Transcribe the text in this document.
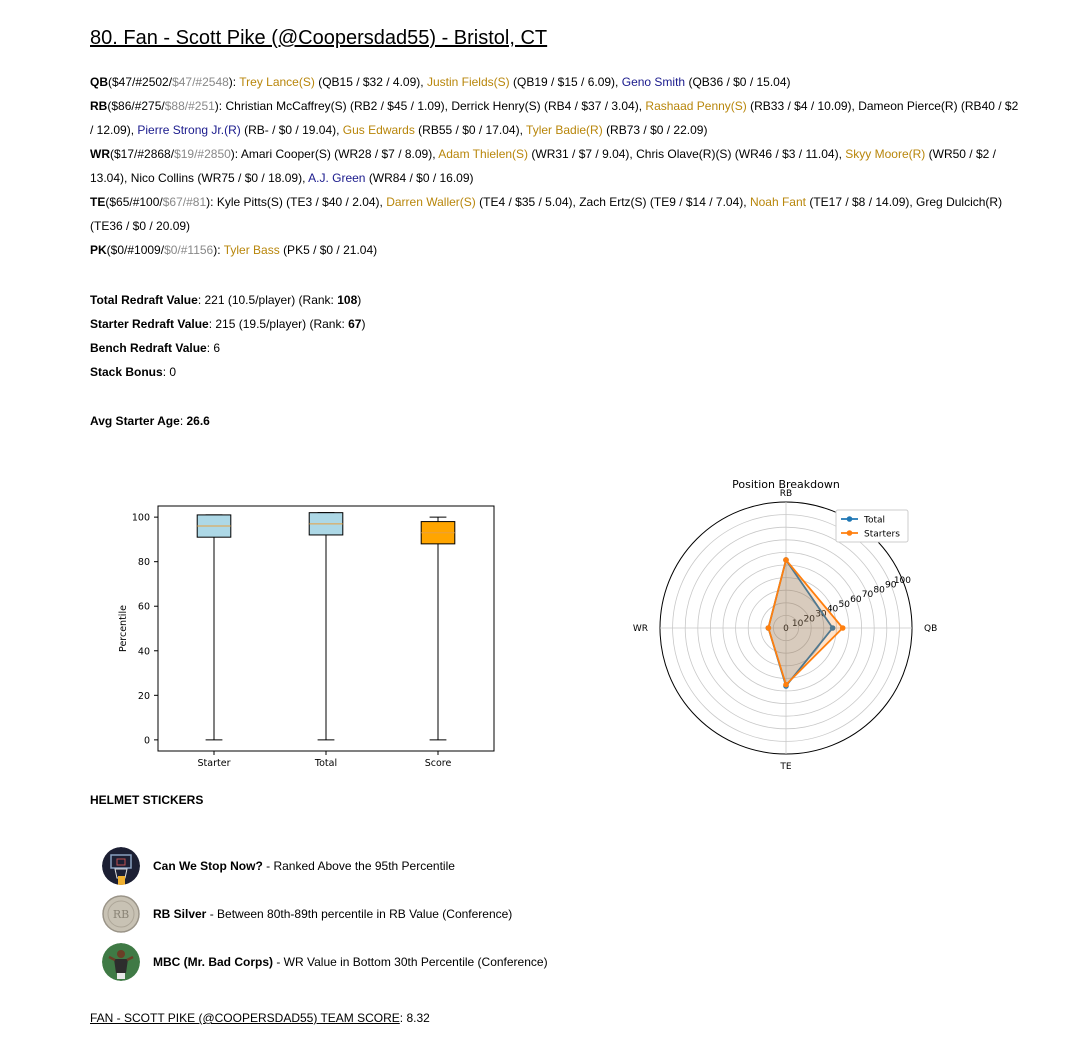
80. Fan - Scott Pike (@Coopersdad55) - Bristol, CT

QB($47/#2502/$47/#2548): Trey Lance(S) (QB15 / $32 / 4.09), Justin Fields(S) (QB19 / $15 / 6.09), Geno Smith (QB36 / $0 / 15.04)

RB($86/#275/$88/#251): Christian McCaffrey(S) (RB2 / $45 / 1.09), Derrick Henry(S) (RB4 / $37 / 3.04), Rashaad Penny(S) (RB33 / $4 / 10.09), Dameon Pierce(R) (RB40 / $2 / 12.09), Pierre Strong Jr.(R) (RB- / $0 / 19.04), Gus Edwards (RB55 / $0 / 17.04), Tyler Badie(R) (RB73 / $0 / 22.09)

WR($17/#2868/$19/#2850): Amari Cooper(S) (WR28 / $7 / 8.09), Adam Thielen(S) (WR31 / $7 / 9.04), Chris Olave(R)(S) (WR46 / $3 / 11.04), Skyy Moore(R) (WR50 / $2 / 13.04), Nico Collins (WR75 / $0 / 18.09), A.J. Green (WR84 / $0 / 16.09)

TE($65/#100/$67/#81): Kyle Pitts(S) (TE3 / $40 / 2.04), Darren Waller(S) (TE4 / $35 / 5.04), Zach Ertz(S) (TE9 / $14 / 7.04), Noah Fant (TE17 / $8 / 14.09), Greg Dulcich(R) (TE36 / $0 / 20.09)

PK($0/#1009/$0/#1156): Tyler Bass (PK5 / $0 / 21.04)

Total Redraft Value: 221 (10.5/player) (Rank: 108)

Starter Redraft Value: 215 (19.5/player) (Rank: 67)

Bench Redraft Value: 6

Stack Bonus: 0

Avg Starter Age: 26.6

0
20
40
60
80
100
Percentile
Starter	Total	Score
Position Breakdown
0 10 20 30 40 50 60 70 80 90
100
QB
RB
WR
TE
Total
Starters
HELMET STICKERS
Can We Stop Now? - Ranked Above the 95th Percentile
RB RB Silver - Between 80th-89th percentile in RB Value (Conference)
MBC (Mr. Bad Corps) - WR Value in Bottom 30th Percentile (Conference)
FAN - SCOTT PIKE (@COOPERSDAD55) TEAM SCORE: 8.32
